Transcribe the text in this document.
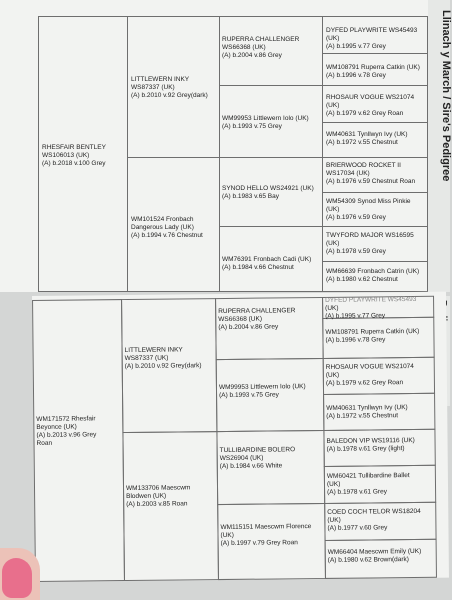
RHESFAIR BENTLEY
WS106013 (UK)
(A) b.2018 v.100 Grey
LITTLEWERN INKY
WS87337 (UK)
(A) b.2010 v.92 Grey(dark)
WM101524 Fronbach
Dangerous Lady (UK)
(A) b.1994 v.76 Chestnut
RUPERRA CHALLENGER
WS66368 (UK)
(A) b.2004 v.86 Grey
WM99953 Littlewern Iolo (UK)
(A) b.1993 v.75 Grey
SYNOD HELLO WS24921 (UK)
(A) b.1983 v.65 Bay
WM76391 Fronbach Cadi (UK)
(A) b.1984 v.66 Chestnut
DYFED PLAYWRITE WS45493
(UK)
(A) b.1995 v.77 Grey
WM108791 Ruperra Catkin (UK)
(A) b.1996 v.78 Grey
RHOSAUR VOGUE WS21074
(UK)
(A) b.1979 v.62 Grey Roan
WM40631 Tynllwyn Ivy (UK)
(A) b.1972 v.55 Chestnut
BRIERWOOD ROCKET II
WS17034 (UK)
(A) b.1976 v.59 Chestnut Roan
WM54309 Synod Miss Pinkie
(UK)
(A) b.1976 v.59 Grey
TWYFORD MAJOR WS16595
(UK)
(A) b.1978 v.59 Grey
WM66639 Fronbach Catrin (UK)
(A) b.1980 v.62 Chestnut
Llinach y March / Sire's Pedigree
WM171572 Rhesfair
Beyonce (UK)
(A) b.2013 v.96 Grey
Roan
LITTLEWERN INKY
WS87337 (UK)
(A) b.2010 v.92 Grey(dark)
WM133706 Maescwm
Blodwen (UK)
(A) b.2003 v.85 Roan
RUPERRA CHALLENGER
WS66368 (UK)
(A) b.2004 v.86 Grey
WM99953 Littlewern Iolo (UK)
(A) b.1993 v.75 Grey
TULLIBARDINE BOLERO
WS26904 (UK)
(A) b.1984 v.66 White
WM115151 Maescwm Florence
(UK)
(A) b.1997 v.79 Grey Roan
DYFED PLAYWRITE WS45493
(UK)
(A) b.1995 v.77 Grey
WM108791 Ruperra Catkin (UK)
(A) b.1996 v.78 Grey
RHOSAUR VOGUE WS21074
(UK)
(A) b.1979 v.62 Grey Roan
WM40631 Tynllwyn Ivy (UK)
(A) b.1972 v.55 Chestnut
BALEDON VIP WS19116 (UK)
(A) b.1978 v.61 Grey (light)
WM60421 Tullibardine Ballet
(UK)
(A) b.1978 v.61 Grey
COED COCH TELOR WS18204
(UK)
(A) b.1977 v.60 Grey
WM66404 Maescwm Emily (UK)
(A) b.1980 v.62 Brown(dark)
